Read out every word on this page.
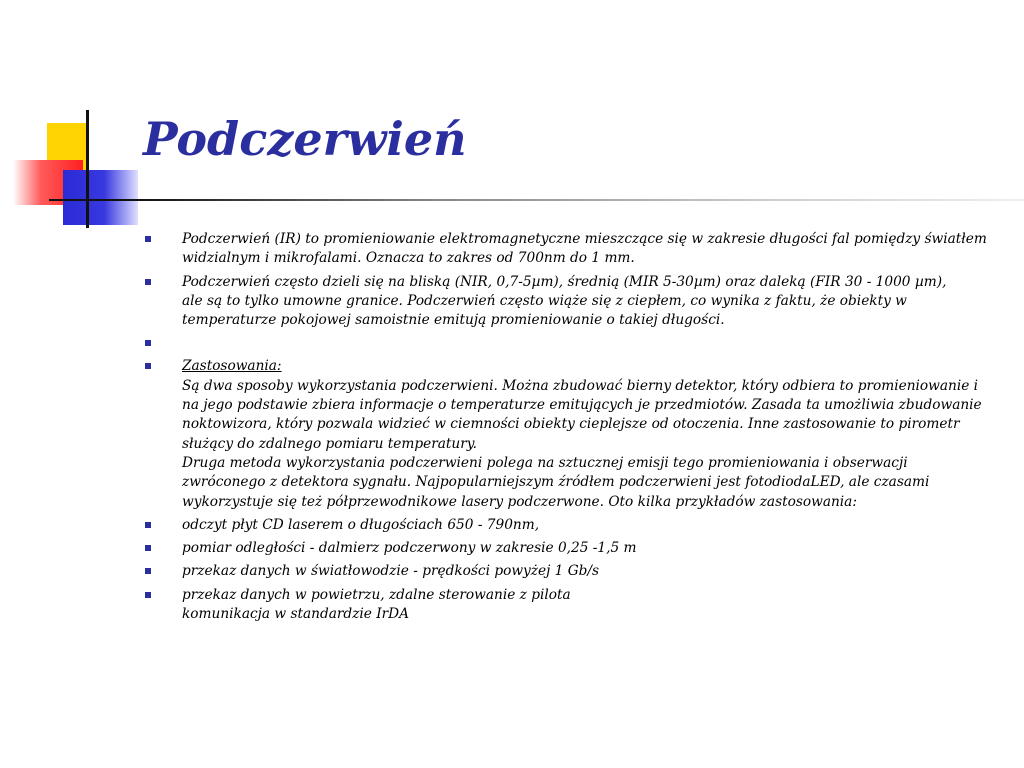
Podczerwień
Podczerwień (IR) to promieniowanie elektromagnetyczne mieszczące się w zakresie długości fal pomiędzy światłem
widzialnym i mikrofalami. Oznacza to zakres od 700nm do 1 mm.
Podczerwień często dzieli się na bliską (NIR, 0,7-5µm), średnią (MIR 5-30µm) oraz daleką (FIR 30 - 1000 µm),
ale są to tylko umowne granice. Podczerwień często wiąże się z ciepłem, co wynika z faktu, że obiekty w
temperaturze pokojowej samoistnie emitują promieniowanie o takiej długości.
Zastosowania:
Są dwa sposoby wykorzystania podczerwieni. Można zbudować bierny detektor, który odbiera to promieniowanie i
na jego podstawie zbiera informacje o temperaturze emitujących je przedmiotów. Zasada ta umożliwia zbudowanie
noktowizora, który pozwala widzieć w ciemności obiekty cieplejsze od otoczenia. Inne zastosowanie to pirometr
służący do zdalnego pomiaru temperatury.
Druga metoda wykorzystania podczerwieni polega na sztucznej emisji tego promieniowania i obserwacji
zwróconego z detektora sygnału. Najpopularniejszym źródłem podczerwieni jest fotodiodaLED, ale czasami
wykorzystuje się też półprzewodnikowe lasery podczerwone. Oto kilka przykładów zastosowania:
odczyt płyt CD laserem o długościach 650 - 790nm,
pomiar odległości - dalmierz podczerwony w zakresie 0,25 -1,5 m
przekaz danych w światłowodzie - prędkości powyżej 1 Gb/s
przekaz danych w powietrzu, zdalne sterowanie z pilota
komunikacja w standardzie IrDA
